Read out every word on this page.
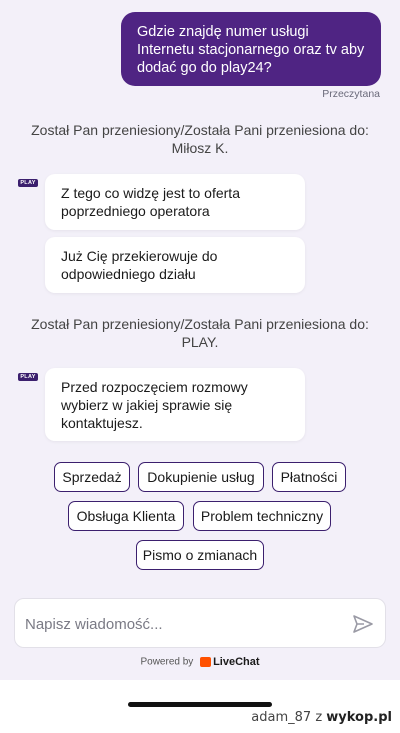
Gdzie znajdę numer usługi Internetu stacjonarnego oraz tv aby dodać go do play24?
Przeczytana
Został Pan przeniesiony/Została Pani przeniesiona do: Miłosz K.
PLAY
Z tego co widzę jest to oferta poprzedniego operatora
Już Cię przekierowuje do odpowiedniego działu
Został Pan przeniesiony/Została Pani przeniesiona do: PLAY.
PLAY
Przed rozpoczęciem rozmowy wybierz w jakiej sprawie się kontaktujesz.
Sprzedaż	Dokupienie usług	Płatności
Obsługa Klienta	Problem techniczny
Pismo o zmianach
Napisz wiadomość...
Powered by LiveChat
adam_87 z wykop.pl
